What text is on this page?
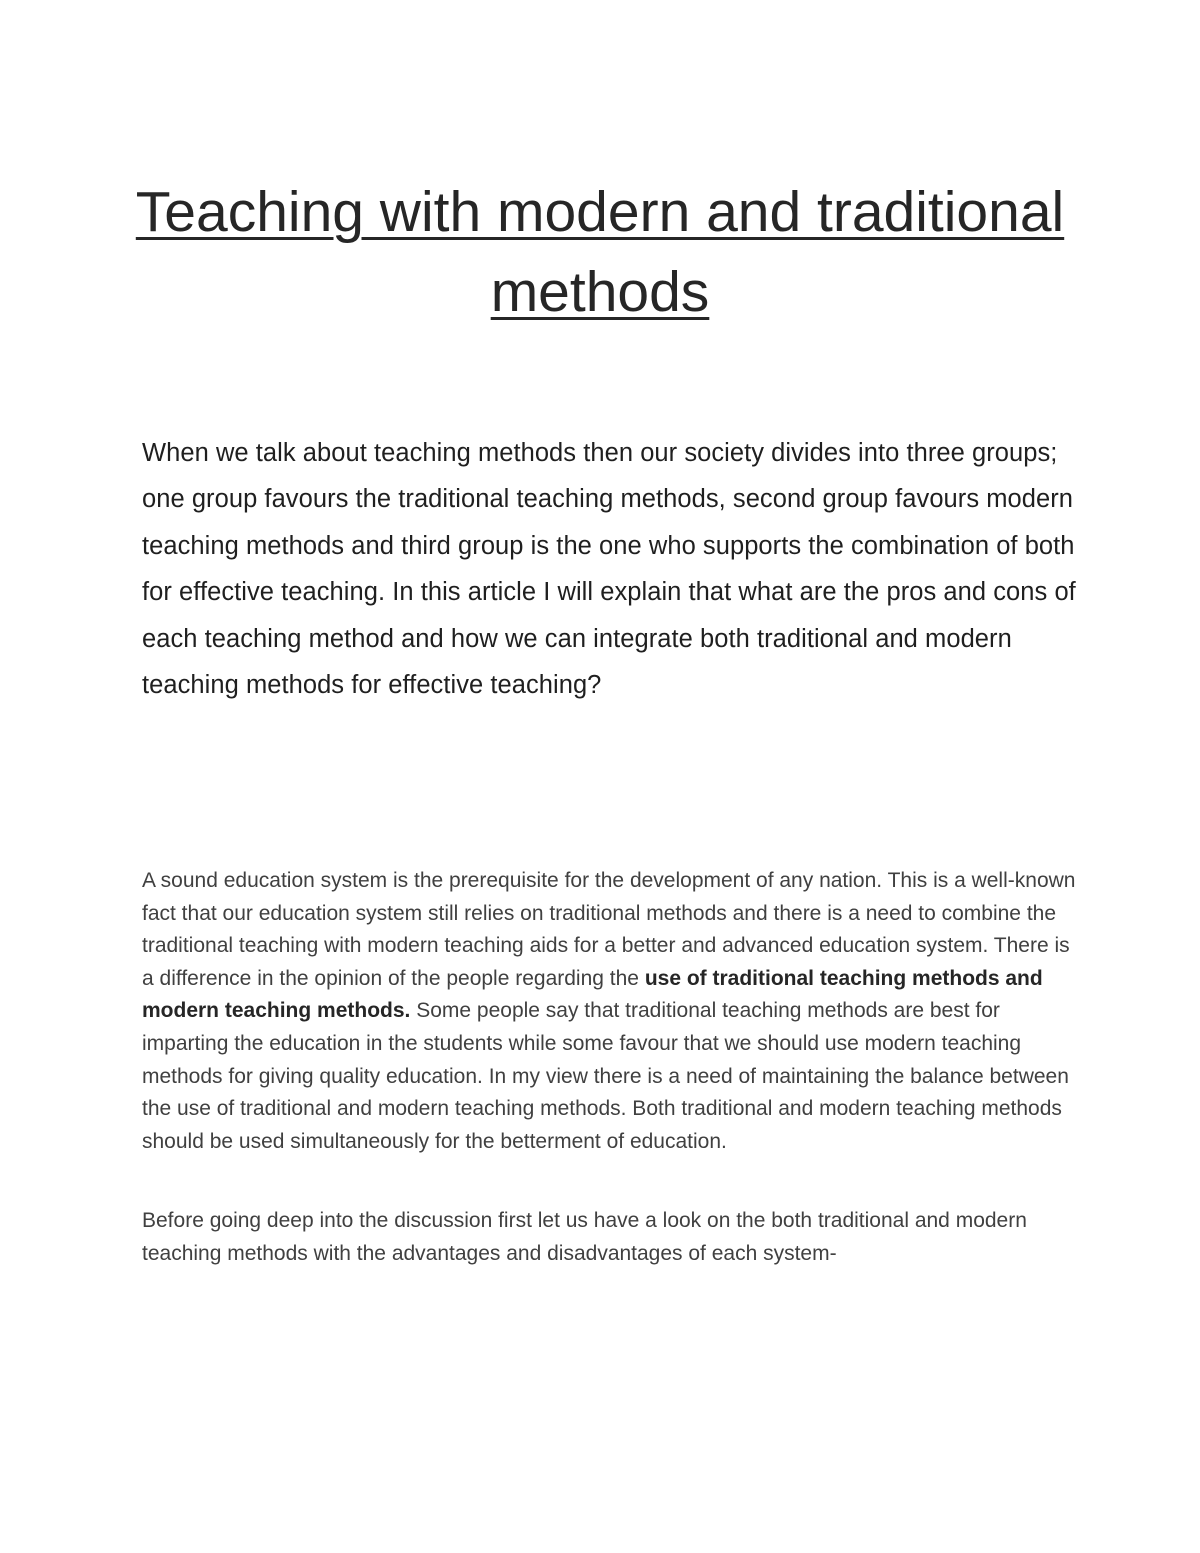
Teaching with modern and traditional methods

When we talk about teaching methods then our society divides into three groups; one group favours the traditional teaching methods, second group favours modern teaching methods and third group is the one who supports the combination of both for effective teaching. In this article I will explain that what are the pros and cons of each teaching method and how we can integrate both traditional and modern teaching methods for effective teaching?

A sound education system is the prerequisite for the development of any nation. This is a well-known fact that our education system still relies on traditional methods and there is a need to combine the traditional teaching with modern teaching aids for a better and advanced education system. There is a difference in the opinion of the people regarding the use of traditional teaching methods and modern teaching methods. Some people say that traditional teaching methods are best for imparting the education in the students while some favour that we should use modern teaching methods for giving quality education. In my view there is a need of maintaining the balance between the use of traditional and modern teaching methods. Both traditional and modern teaching methods should be used simultaneously for the betterment of education.

Before going deep into the discussion first let us have a look on the both traditional and modern teaching methods with the advantages and disadvantages of each system-
